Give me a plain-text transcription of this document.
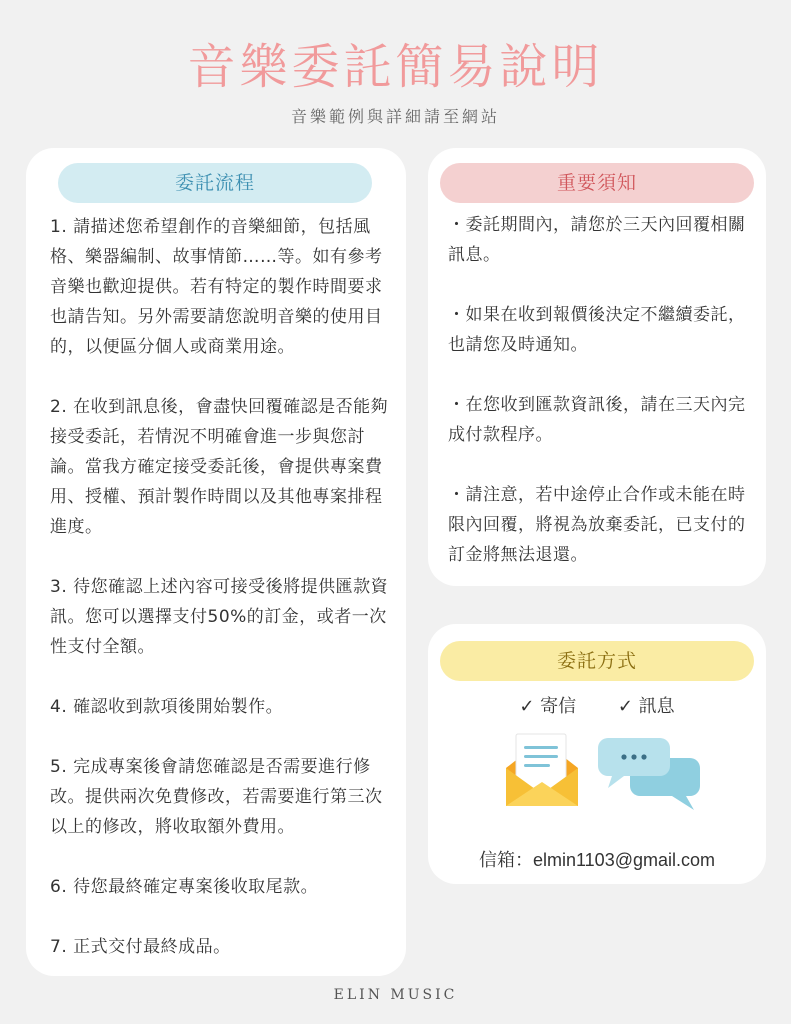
音樂委託簡易說明
音樂範例與詳細請至網站
委託流程

1. 請描述您希望創作的音樂細節，包括風格、樂器編制、故事情節……等。如有參考音樂也歡迎提供。若有特定的製作時間要求也請告知。另外需要請您說明音樂的使用目的，以便區分個人或商業用途。

2. 在收到訊息後，會盡快回覆確認是否能夠接受委託，若情況不明確會進一步與您討論。當我方確定接受委託後，會提供專案費用、授權、預計製作時間以及其他專案排程進度。

3. 待您確認上述內容可接受後將提供匯款資訊。您可以選擇支付50%的訂金，或者一次性支付全額。

4. 確認收到款項後開始製作。

5. 完成專案後會請您確認是否需要進行修改。提供兩次免費修改，若需要進行第三次以上的修改，將收取額外費用。

6. 待您最終確定專案後收取尾款。

7. 正式交付最終成品。

重要須知

・委託期間內，請您於三天內回覆相關訊息。

・如果在收到報價後決定不繼續委託，也請您及時通知。

・在您收到匯款資訊後，請在三天內完成付款程序。

・請注意，若中途停止合作或未能在時限內回覆，將視為放棄委託，已支付的訂金將無法退還。

委託方式
✓ 寄信 ✓ 訊息
信箱：elmin1103@gmail.com
ELIN MUSIC
